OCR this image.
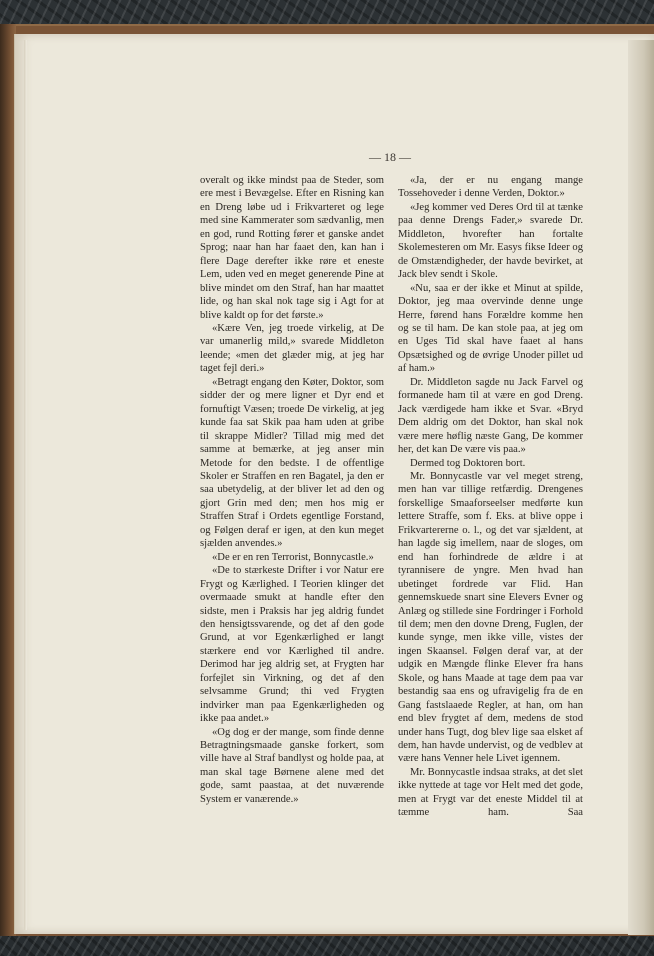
— 18 —

overalt og ikke mindst paa de Steder, som ere mest i Bevægelse. Efter en Risning kan en Dreng løbe ud i Frikvarteret og lege med sine Kammerater som sædvanlig, men en god, rund Rotting fører et ganske andet Sprog; naar han har faaet den, kan han i flere Dage derefter ikke røre et eneste Lem, uden ved en meget generende Pine at blive mindet om den Straf, han har maattet lide, og han skal nok tage sig i Agt for at blive kaldt op for det første.»

«Kære Ven, jeg troede virkelig, at De var umanerlig mild,» svarede Middleton leende; «men det glæder mig, at jeg har taget fejl deri.»

«Betragt engang den Køter, Doktor, som sidder der og mere ligner et Dyr end et fornuftigt Væsen; troede De virkelig, at jeg kunde faa sat Skik paa ham uden at gribe til skrappe Midler? Tillad mig med det samme at bemærke, at jeg anser min Metode for den bedste. I de offentlige Skoler er Straffen en ren Bagatel, ja den er saa ubetydelig, at der bliver let ad den og gjort Grin med den; men hos mig er Straffen Straf i Ordets egentlige Forstand, og Følgen deraf er igen, at den kun meget sjælden anvendes.»

«De er en ren Terrorist, Bonnycastle.»

«De to stærkeste Drifter i vor Natur ere Frygt og Kærlighed. I Teorien klinger det overmaade smukt at handle efter den sidste, men i Praksis har jeg aldrig fundet den hensigtssvarende, og det af den gode Grund, at vor Egenkærlighed er langt stærkere end vor Kærlighed til andre. Derimod har jeg aldrig set, at Frygten har forfejlet sin Virkning, og det af den selvsamme Grund; thi ved Frygten indvirker man paa Egenkærligheden og ikke paa andet.»

«Og dog er der mange, som finde denne Betragtningsmaade ganske forkert, som ville have al Straf bandlyst og holde paa, at man skal tage Børnene alene med det gode, samt paastaa, at det nuværende System er vanærende.»

«Ja, der er nu engang mange Tossehoveder i denne Verden, Doktor.»

«Jeg kommer ved Deres Ord til at tænke paa denne Drengs Fader,» svarede Dr. Middleton, hvorefter han fortalte Skolemesteren om Mr. Easys fikse Ideer og de Omstændigheder, der havde bevirket, at Jack blev sendt i Skole.

«Nu, saa er der ikke et Minut at spilde, Doktor, jeg maa overvinde denne unge Herre, førend hans Forældre komme hen og se til ham. De kan stole paa, at jeg om en Uges Tid skal have faaet al hans Opsætsighed og de øvrige Unoder pillet ud af ham.»

Dr. Middleton sagde nu Jack Farvel og formanede ham til at være en god Dreng. Jack værdigede ham ikke et Svar. «Bryd Dem aldrig om det Doktor, han skal nok være mere høflig næste Gang, De kommer her, det kan De være vis paa.»

Dermed tog Doktoren bort.

Mr. Bonnycastle var vel meget streng, men han var tillige retfærdig. Drengenes forskellige Smaaforseelser medførte kun lettere Straffe, som f. Eks. at blive oppe i Frikvartererne o. l., og det var sjældent, at han lagde sig imellem, naar de sloges, om end han forhindrede de ældre i at tyrannisere de yngre. Men hvad han ubetinget fordrede var Flid. Han gennemskuede snart sine Elevers Evner og Anlæg og stillede sine Fordringer i Forhold til dem; men den dovne Dreng, Fuglen, der kunde synge, men ikke ville, vistes der ingen Skaansel. Følgen deraf var, at der udgik en Mængde flinke Elever fra hans Skole, og hans Maade at tage dem paa var bestandig saa ens og ufravigelig fra de en Gang fastslaaede Regler, at han, om han end blev frygtet af dem, medens de stod under hans Tugt, dog blev lige saa elsket af dem, han havde undervist, og de vedblev at være hans Venner hele Livet igennem.

Mr. Bonnycastle indsaa straks, at det slet ikke nyttede at tage vor Helt med det gode, men at Frygt var det eneste Middel til at tæmme ham. Saa
